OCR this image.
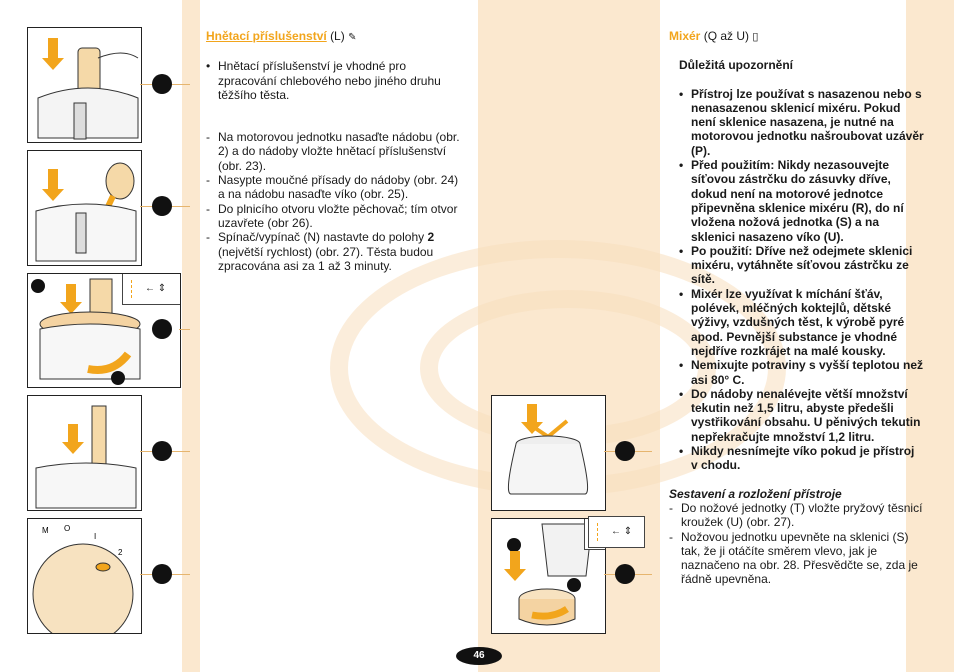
← ⇕
M O
I
2
Hnětací příslušenství (L) ✎
• Hnětací příslušenství je vhodné pro zpracování chlebového nebo jiného druhu těžšího těsta.
- Na motorovou jednotku nasaďte nádobu (obr. 2) a do nádoby vložte hnětací příslušenství (obr. 23).
- Nasypte moučné přísady do nádoby (obr. 24) a na nádobu nasaďte víko (obr. 25).
- Do plnicího otvoru vložte pěchovač; tím otvor uzavřete (obr 26).
- Spínač/vypínač (N) nastavte do polohy 2 (největší rychlost) (obr. 27). Těsta budou zpracována asi za 1 až 3 minuty.
← ⇕
Mixér (Q až U) ▯
Důležitá upozornění
• Přístroj lze používat s nasazenou nebo s nenasazenou sklenicí mixéru. Pokud není sklenice nasazena, je nutné na motorovou jednotku našroubovat uzávěr (P).
• Před použitím: Nikdy nezasouvejte síťovou zástrčku do zásuvky dříve, dokud není na motorové jednotce připevněna sklenice mixéru (R), do ní vložena nožová jednotka (S) a na sklenici nasazeno víko (U).
• Po použití: Dříve než odejmete sklenici mixéru, vytáhněte síťovou zástrčku ze sítě.
• Mixér lze využívat k míchání šťáv, polévek, mléčných koktejlů, dětské výživy, vzdušných těst, k výrobě pyré apod. Pevnější substance je vhodné nejdříve rozkrájet na malé kousky.
• Nemixujte potraviny s vyšší teplotou než asi 80° C.
• Do nádoby nenalévejte větší množství tekutin než 1,5 litru, abyste předešli vystřikování obsahu. U pěnivých tekutin nepřekračujte množství 1,2 litru.
• Nikdy nesnímejte víko pokud je přístroj v chodu.
Sestavení a rozložení přístroje
- Do nožové jednotky (T) vložte pryžový těsnicí kroužek (U) (obr. 27).
- Nožovou jednotku upevněte na sklenici (S) tak, že ji otáčíte směrem vlevo, jak je naznačeno na obr. 28. Přesvědčte se, zda je řádně upevněna.
46
